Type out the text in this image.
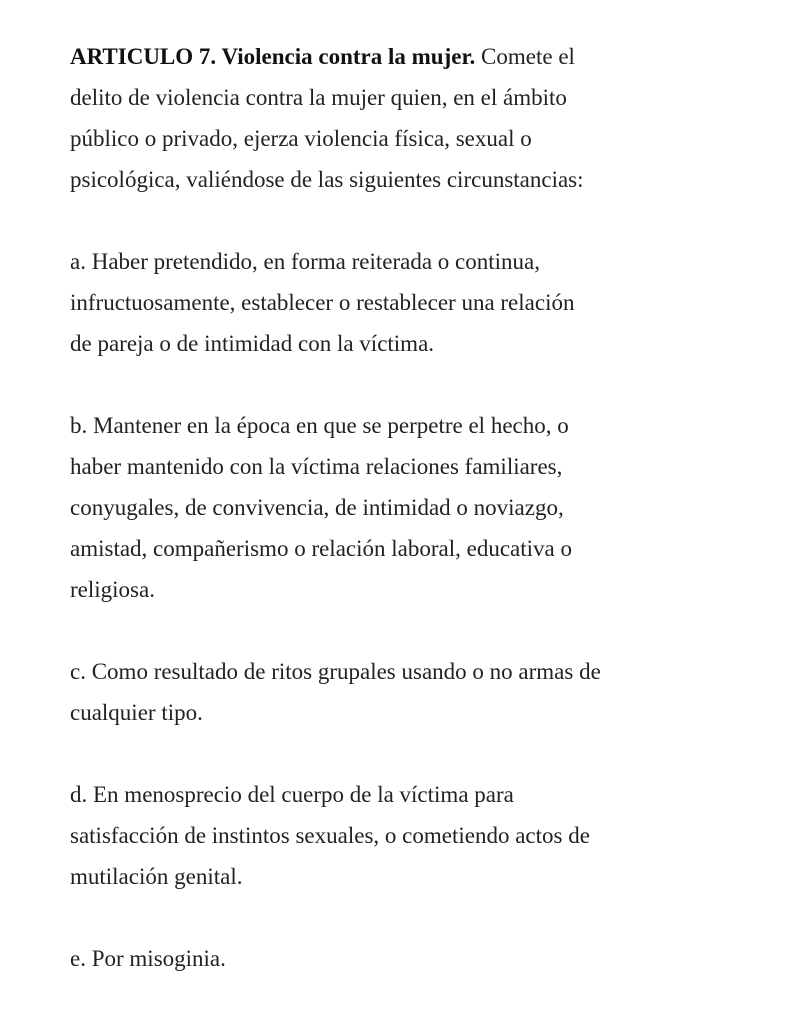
ARTICULO 7. Violencia contra la mujer. Comete el
delito de violencia contra la mujer quien, en el ámbito
público o privado, ejerza violencia física, sexual o
psicológica, valiéndose de las siguientes circunstancias:

a. Haber pretendido, en forma reiterada o continua,
infructuosamente, establecer o restablecer una relación
de pareja o de intimidad con la víctima.

b. Mantener en la época en que se perpetre el hecho, o
haber mantenido con la víctima relaciones familiares,
conyugales, de convivencia, de intimidad o noviazgo,
amistad, compañerismo o relación laboral, educativa o
religiosa.

c. Como resultado de ritos grupales usando o no armas de
cualquier tipo.

d. En menosprecio del cuerpo de la víctima para
satisfacción de instintos sexuales, o cometiendo actos de
mutilación genital.

e. Por misoginia.
